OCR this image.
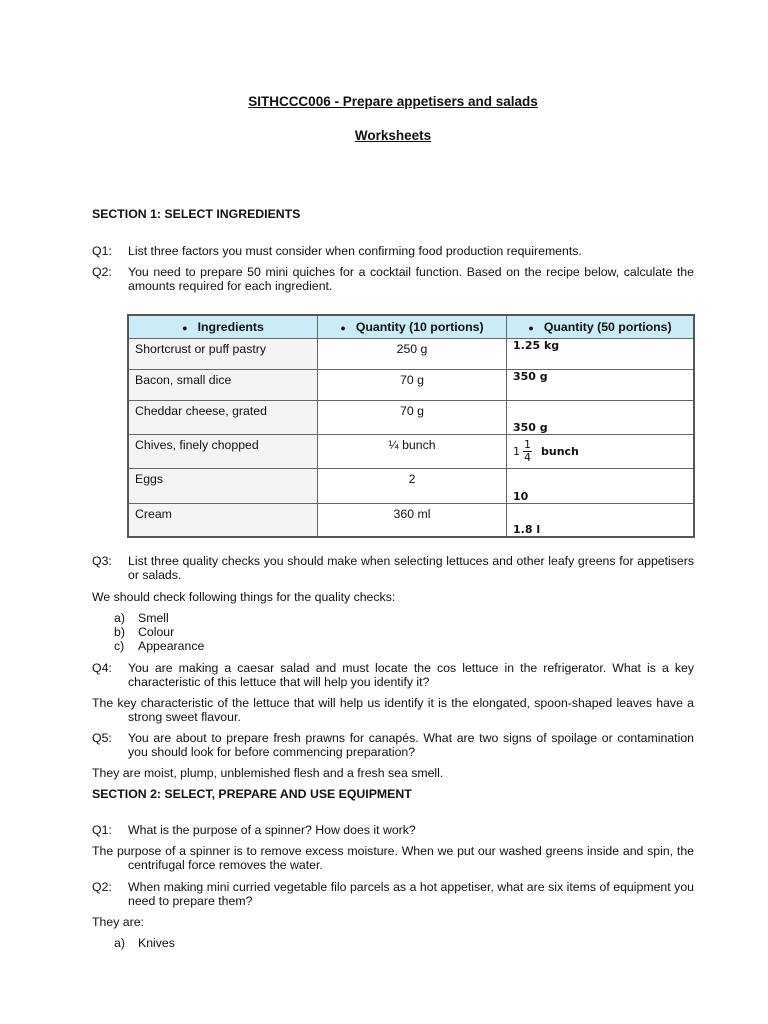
SITHCCC006 - Prepare appetisers and salads
Worksheets
SECTION 1: SELECT INGREDIENTS
Q1: List three factors you must consider when confirming food production requirements.
Q2: You need to prepare 50 mini quiches for a cocktail function. Based on the recipe below, calculate the amounts required for each ingredient.
● Ingredients	● Quantity (10 portions)	● Quantity (50 portions)
Shortcrust or puff pastry	250 g	1.25 kg
Bacon, small dice	70 g	350 g
Cheddar cheese, grated	70 g	350 g
Chives, finely chopped	¼ bunch	$1 \frac{1}{4}$ bunch

Eggs	2	10
Cream	360 ml	1.8 l
Q3: List three quality checks you should make when selecting lettuces and other leafy greens for appetisers or salads.
We should check following things for the quality checks:
a) Smell
b) Colour
c) Appearance
Q4: You are making a caesar salad and must locate the cos lettuce in the refrigerator. What is a key characteristic of this lettuce that will help you identify it?
The key characteristic of the lettuce that will help us identify it is the elongated, spoon-shaped leaves have a strong sweet flavour.
Q5: You are about to prepare fresh prawns for canapés. What are two signs of spoilage or contamination you should look for before commencing preparation?
They are moist, plump, unblemished flesh and a fresh sea smell.
SECTION 2: SELECT, PREPARE AND USE EQUIPMENT
Q1: What is the purpose of a spinner? How does it work?
The purpose of a spinner is to remove excess moisture. When we put our washed greens inside and spin, the centrifugal force removes the water.
Q2: When making mini curried vegetable filo parcels as a hot appetiser, what are six items of equipment you need to prepare them?
They are:
a) Knives
